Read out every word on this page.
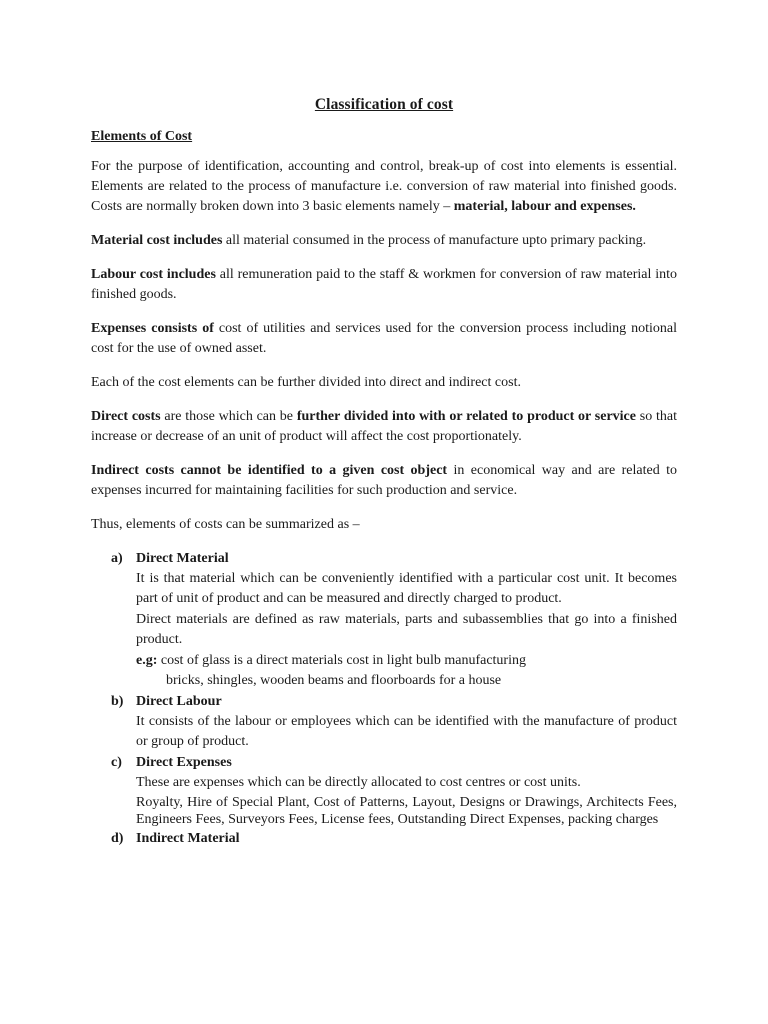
Classification of cost
Elements of Cost

For the purpose of identification, accounting and control, break-up of cost into elements is essential. Elements are related to the process of manufacture i.e. conversion of raw material into finished goods. Costs are normally broken down into 3 basic elements namely – material, labour and expenses.

Material cost includes all material consumed in the process of manufacture upto primary packing.

Labour cost includes all remuneration paid to the staff & workmen for conversion of raw material into finished goods.

Expenses consists of cost of utilities and services used for the conversion process including notional cost for the use of owned asset.

Each of the cost elements can be further divided into direct and indirect cost.

Direct costs are those which can be further divided into with or related to product or service so that increase or decrease of an unit of product will affect the cost proportionately.

Indirect costs cannot be identified to a given cost object in economical way and are related to expenses incurred for maintaining facilities for such production and service.

Thus, elements of costs can be summarized as –

a) Direct Material
It is that material which can be conveniently identified with a particular cost unit. It becomes part of unit of product and can be measured and directly charged to product.
Direct materials are defined as raw materials, parts and subassemblies that go into a finished product.
e.g: cost of glass is a direct materials cost in light bulb manufacturing
bricks, shingles, wooden beams and floorboards for a house
b) Direct Labour
It consists of the labour or employees which can be identified with the manufacture of product or group of product.
c) Direct Expenses
These are expenses which can be directly allocated to cost centres or cost units.
Royalty, Hire of Special Plant, Cost of Patterns, Layout, Designs or Drawings, Architects Fees, Engineers Fees, Surveyors Fees, License fees, Outstanding Direct Expenses, packing charges
d) Indirect Material
